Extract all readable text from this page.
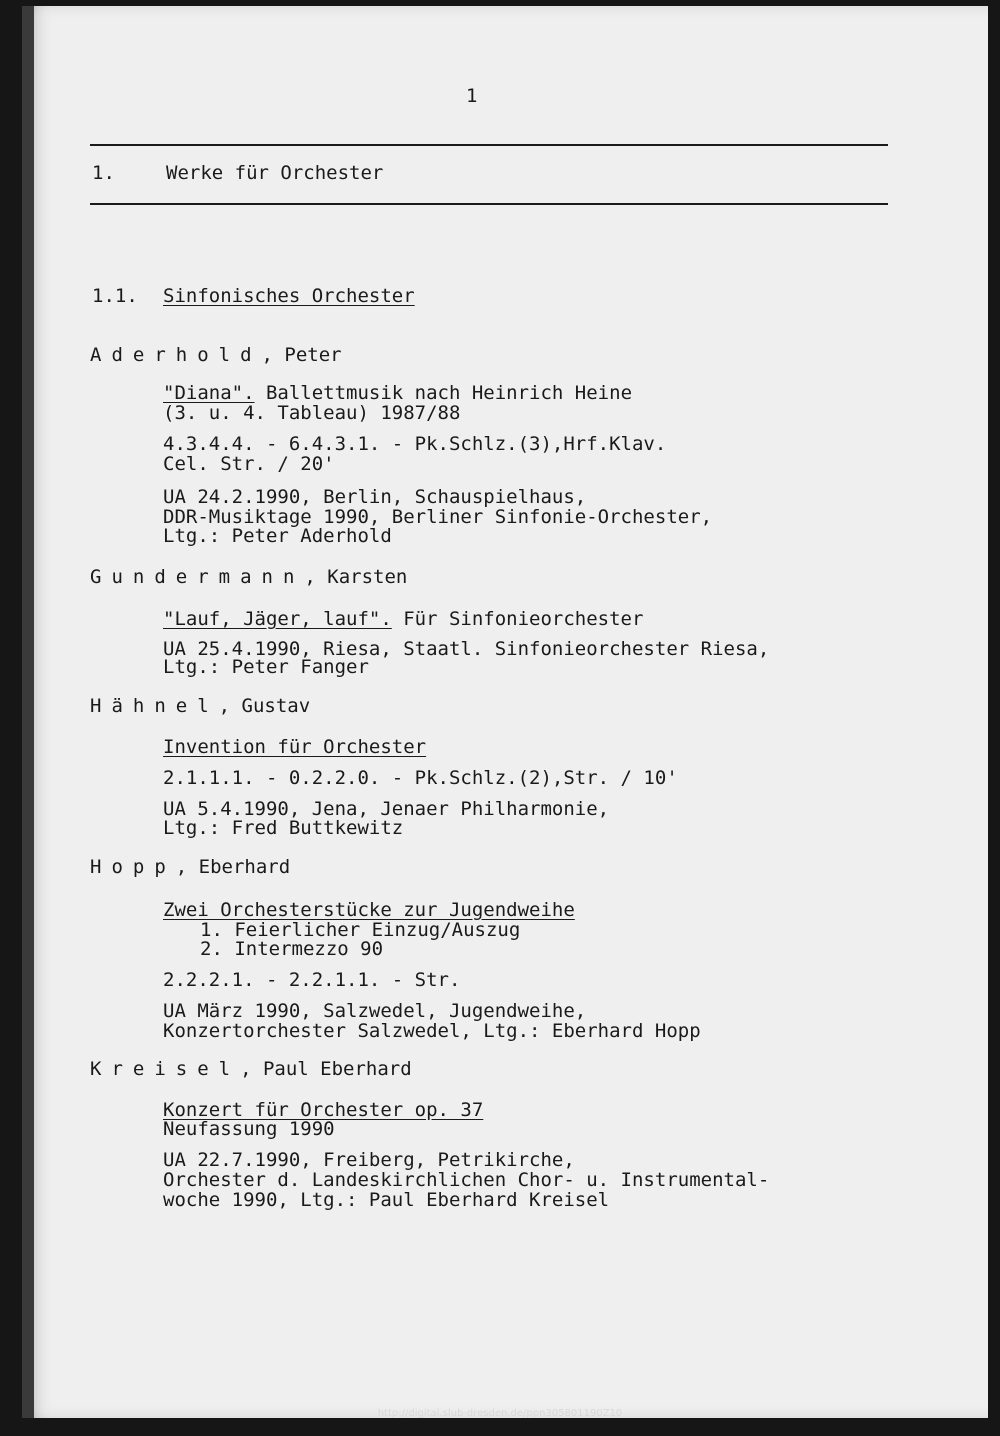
1
1.	Werke für Orchester
1.1. Sinfonisches Orchester
Aderhold, Peter
"Diana". Ballettmusik nach Heinrich Heine
(3. u. 4. Tableau) 1987/88
4.3.4.4. - 6.4.3.1. - Pk.Schlz.(3),Hrf.Klav.
Cel. Str. / 20'
UA 24.2.1990, Berlin, Schauspielhaus,
DDR-Musiktage 1990, Berliner Sinfonie-Orchester,
Ltg.: Peter Aderhold
Gundermann, Karsten
"Lauf, Jäger, lauf". Für Sinfonieorchester
UA 25.4.1990, Riesa, Staatl. Sinfonieorchester Riesa,
Ltg.: Peter Fanger
Hähnel, Gustav
Invention für Orchester
2.1.1.1. - 0.2.2.0. - Pk.Schlz.(2),Str. / 10'
UA 5.4.1990, Jena, Jenaer Philharmonie,
Ltg.: Fred Buttkewitz
Hopp, Eberhard
Zwei Orchesterstücke zur Jugendweihe
1. Feierlicher Einzug/Auszug
2. Intermezzo 90
2.2.2.1. - 2.2.1.1. - Str.
UA März 1990, Salzwedel, Jugendweihe,
Konzertorchester Salzwedel, Ltg.: Eberhard Hopp
Kreisel, Paul Eberhard
Konzert für Orchester op. 37
Neufassung 1990
UA 22.7.1990, Freiberg, Petrikirche,
Orchester d. Landeskirchlichen Chor- u. Instrumental-
woche 1990, Ltg.: Paul Eberhard Kreisel
http://digital.slub-dresden.de/ppn305801190Z10
